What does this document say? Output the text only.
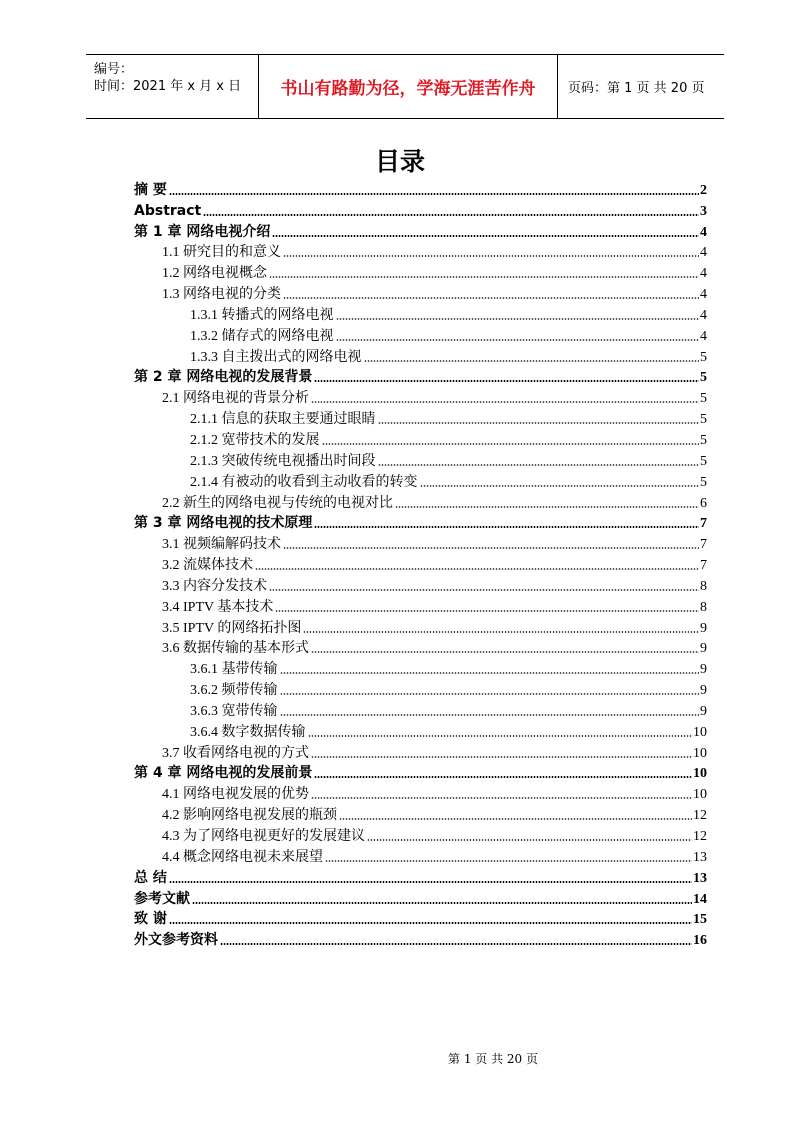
编号：
时间：2021 年 x 月 x 日	书山有路勤为径，学海无涯苦作舟	页码：第 1 页 共 20 页
目录
摘 要	2
Abstract	3
第 1 章 网络电视介绍	4
1.1 研究目的和意义	4
1.2 网络电视概念	4
1.3 网络电视的分类	4
1.3.1 转播式的网络电视	4
1.3.2 储存式的网络电视	4
1.3.3 自主拨出式的网络电视	5
第 2 章 网络电视的发展背景	5
2.1 网络电视的背景分析	5
2.1.1 信息的获取主要通过眼睛	5
2.1.2 宽带技术的发展	5
2.1.3 突破传统电视播出时间段	5
2.1.4 有被动的收看到主动收看的转变	5
2.2 新生的网络电视与传统的电视对比	6
第 3 章 网络电视的技术原理	7
3.1 视频编解码技术	7
3.2 流媒体技术	7
3.3 内容分发技术	8
3.4 IPTV 基本技术	8
3.5 IPTV 的网络拓扑图	9
3.6 数据传输的基本形式	9
3.6.1 基带传输	9
3.6.2 频带传输	9
3.6.3 宽带传输	9
3.6.4 数字数据传输	10
3.7 收看网络电视的方式	10
第 4 章 网络电视的发展前景	10
4.1 网络电视发展的优势	10
4.2 影响网络电视发展的瓶颈	12
4.3 为了网络电视更好的发展建议	12
4.4 概念网络电视未来展望	13
总 结	13
参考文献	14
致 谢	15
外文参考资料	16
第 1 页 共 20 页
